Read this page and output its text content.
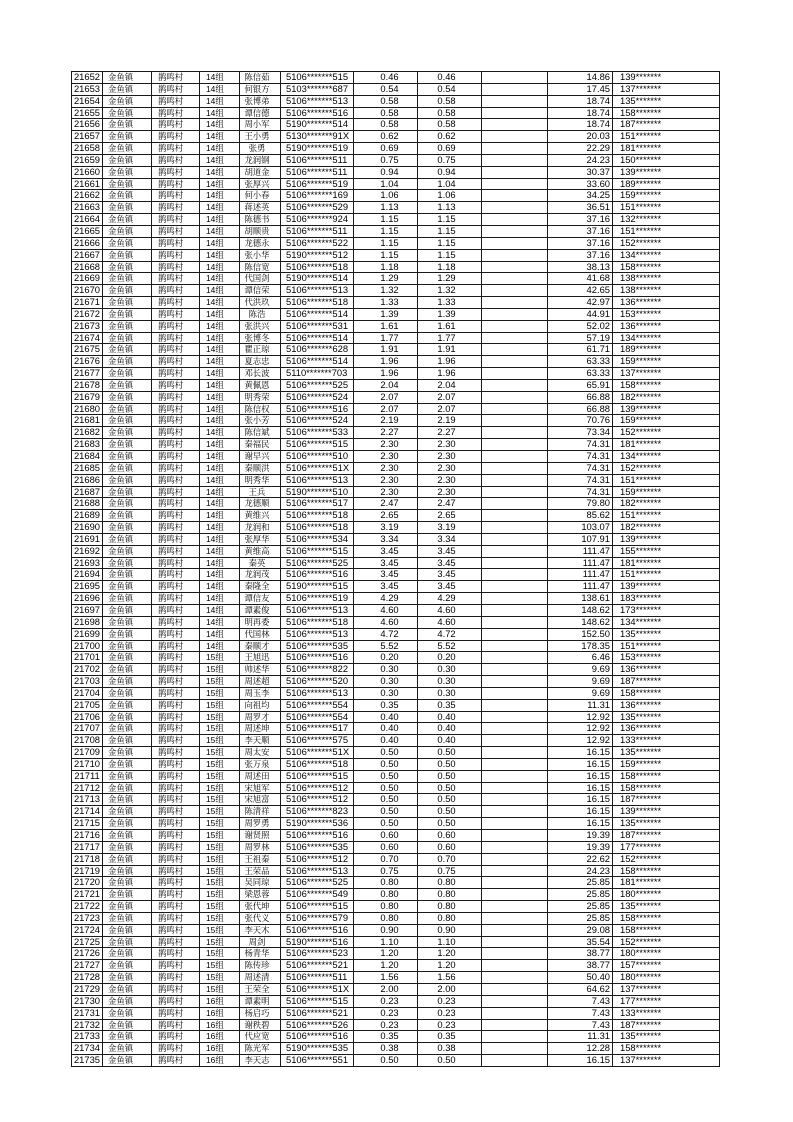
21652 金鱼镇	鹊鸣村	14组	陈信茹	5106*******515	0.46	0.46	14.86	139*******
21653 金鱼镇	鹊鸣村	14组	何银方	5103*******687	0.54	0.54	17.45	137*******
21654 金鱼镇	鹊鸣村	14组	张博弟	5106*******513	0.58	0.58	18.74	135*******
21655 金鱼镇	鹊鸣村	14组	谭信德	5106*******516	0.58	0.58	18.74	158*******
21656 金鱼镇	鹊鸣村	14组	周小军	5190*******514	0.58	0.58	18.74	187*******
21657 金鱼镇	鹊鸣村	14组	王小勇	5130*******91X	0.62	0.62	20.03	151*******
21658 金鱼镇	鹊鸣村	14组	张勇	5190*******519	0.69	0.69	22.29	181*******
21659 金鱼镇	鹊鸣村	14组	龙润钢	5106*******511	0.75	0.75	24.23	150*******
21660 金鱼镇	鹊鸣村	14组	胡道金	5106*******511	0.94	0.94	30.37	139*******
21661 金鱼镇	鹊鸣村	14组	张厚兴	5106*******519	1.04	1.04	33.60	189*******
21662 金鱼镇	鹊鸣村	14组	何小春	5106*******169	1.06	1.06	34.25	159*******
21663 金鱼镇	鹊鸣村	14组	蒋述英	5106*******529	1.13	1.13	36.51	151*******
21664 金鱼镇	鹊鸣村	14组	陈德书	5106*******924	1.15	1.15	37.16	132*******
21665 金鱼镇	鹊鸣村	14组	胡顺贵	5106*******511	1.15	1.15	37.16	151*******
21666 金鱼镇	鹊鸣村	14组	龙德永	5106*******522	1.15	1.15	37.16	152*******
21667 金鱼镇	鹊鸣村	14组	张小华	5190*******512	1.15	1.15	37.16	134*******
21668 金鱼镇	鹊鸣村	14组	陈信宽	5106*******518	1.18	1.18	38.13	158*******
21669 金鱼镇	鹊鸣村	14组	代国剑	5190*******514	1.29	1.29	41.68	138*******
21670 金鱼镇	鹊鸣村	14组	谭信荣	5106*******513	1.32	1.32	42.65	138*******
21671 金鱼镇	鹊鸣村	14组	代洪玖	5106*******518	1.33	1.33	42.97	136*******
21672 金鱼镇	鹊鸣村	14组	陈浩	5106*******514	1.39	1.39	44.91	153*******
21673 金鱼镇	鹊鸣村	14组	张洪兴	5106*******531	1.61	1.61	52.02	136*******
21674 金鱼镇	鹊鸣村	14组	张博冬	5106*******514	1.77	1.77	57.19	134*******
21675 金鱼镇	鹊鸣村	14组	瞿正琼	5106*******628	1.91	1.91	61.71	189*******
21676 金鱼镇	鹊鸣村	14组	夏志忠	5106*******514	1.96	1.96	63.33	159*******
21677 金鱼镇	鹊鸣村	14组	邓长波	5110*******703	1.96	1.96	63.33	137*******
21678 金鱼镇	鹊鸣村	14组	黄佩恩	5106*******525	2.04	2.04	65.91	158*******
21679 金鱼镇	鹊鸣村	14组	明秀荣	5106*******524	2.07	2.07	66.88	182*******
21680 金鱼镇	鹊鸣村	14组	陈信权	5106*******516	2.07	2.07	66.88	139*******
21681 金鱼镇	鹊鸣村	14组	张小芳	5106*******524	2.19	2.19	70.76	159*******
21682 金鱼镇	鹊鸣村	14组	陈信斌	5106*******533	2.27	2.27	73.34	152*******
21683 金鱼镇	鹊鸣村	14组	秦福民	5106*******515	2.30	2.30	74.31	181*******
21684 金鱼镇	鹊鸣村	14组	谢早兴	5106*******510	2.30	2.30	74.31	134*******
21685 金鱼镇	鹊鸣村	14组	秦顺洪	5106*******51X	2.30	2.30	74.31	152*******
21686 金鱼镇	鹊鸣村	14组	明秀华	5106*******513	2.30	2.30	74.31	151*******
21687 金鱼镇	鹊鸣村	14组	王兵	5190*******510	2.30	2.30	74.31	159*******
21688 金鱼镇	鹊鸣村	14组	龙德顺	5106*******517	2.47	2.47	79.80	182*******
21689 金鱼镇	鹊鸣村	14组	黄维兴	5106*******518	2.65	2.65	85.62	151*******
21690 金鱼镇	鹊鸣村	14组	龙润和	5106*******518	3.19	3.19	103.07	182*******
21691 金鱼镇	鹊鸣村	14组	张厚华	5106*******534	3.34	3.34	107.91	139*******
21692 金鱼镇	鹊鸣村	14组	黄维高	5106*******515	3.45	3.45	111.47	155*******
21693 金鱼镇	鹊鸣村	14组	秦英	5106*******525	3.45	3.45	111.47	181*******
21694 金鱼镇	鹊鸣村	14组	龙润茂	5106*******516	3.45	3.45	111.47	151*******
21695 金鱼镇	鹊鸣村	14组	秦隆全	5190*******515	3.45	3.45	111.47	139*******
21696 金鱼镇	鹊鸣村	14组	谭信友	5106*******519	4.29	4.29	138.61	183*******
21697 金鱼镇	鹊鸣村	14组	谭素俊	5106*******513	4.60	4.60	148.62	173*******
21698 金鱼镇	鹊鸣村	14组	明再委	5106*******518	4.60	4.60	148.62	134*******
21699 金鱼镇	鹊鸣村	14组	代国林	5106*******513	4.72	4.72	152.50	135*******
21700 金鱼镇	鹊鸣村	14组	秦顺才	5106*******535	5.52	5.52	178.35	151*******
21701 金鱼镇	鹊鸣村	15组	王旭迅	5106*******516	0.20	0.20	6.46	153*******
21702 金鱼镇	鹊鸣村	15组	帅述华	5106*******822	0.30	0.30	9.69	136*******
21703 金鱼镇	鹊鸣村	15组	周述超	5106*******520	0.30	0.30	9.69	187*******
21704 金鱼镇	鹊鸣村	15组	周玉李	5106*******513	0.30	0.30	9.69	158*******
21705 金鱼镇	鹊鸣村	15组	向祖均	5106*******554	0.35	0.35	11.31	136*******
21706 金鱼镇	鹊鸣村	15组	周罗才	5106*******554	0.40	0.40	12.92	135*******
21707 金鱼镇	鹊鸣村	15组	周述坤	5106*******517	0.40	0.40	12.92	136*******
21708 金鱼镇	鹊鸣村	15组	李天顺	5106*******575	0.40	0.40	12.92	133*******
21709 金鱼镇	鹊鸣村	15组	周太安	5106*******51X	0.50	0.50	16.15	135*******
21710 金鱼镇	鹊鸣村	15组	张万泉	5106*******518	0.50	0.50	16.15	159*******
21711 金鱼镇	鹊鸣村	15组	周述田	5106*******515	0.50	0.50	16.15	158*******
21712 金鱼镇	鹊鸣村	15组	宋旭军	5106*******512	0.50	0.50	16.15	158*******
21713 金鱼镇	鹊鸣村	15组	宋旭富	5106*******512	0.50	0.50	16.15	187*******
21714 金鱼镇	鹊鸣村	15组	陈清祥	5106*******823	0.50	0.50	16.15	139*******
21715 金鱼镇	鹊鸣村	15组	周罗勇	5190*******536	0.50	0.50	16.15	135*******
21716 金鱼镇	鹊鸣村	15组	谢贤照	5106*******516	0.60	0.60	19.39	187*******
21717 金鱼镇	鹊鸣村	15组	周罗林	5106*******535	0.60	0.60	19.39	177*******
21718 金鱼镇	鹊鸣村	15组	王祖秦	5106*******512	0.70	0.70	22.62	152*******
21719 金鱼镇	鹊鸣村	15组	王荣品	5106*******513	0.75	0.75	24.23	158*******
21720 金鱼镇	鹊鸣村	15组	吴同琼	5106*******525	0.80	0.80	25.85	181*******
21721 金鱼镇	鹊鸣村	15组	梁恩蓉	5106*******549	0.80	0.80	25.85	180*******
21722 金鱼镇	鹊鸣村	15组	张代坤	5106*******515	0.80	0.80	25.85	135*******
21723 金鱼镇	鹊鸣村	15组	张代义	5106*******579	0.80	0.80	25.85	158*******
21724 金鱼镇	鹊鸣村	15组	李天木	5106*******516	0.90	0.90	29.08	158*******
21725 金鱼镇	鹊鸣村	15组	周剑	5190*******516	1.10	1.10	35.54	152*******
21726 金鱼镇	鹊鸣村	15组	杨青华	5106*******523	1.20	1.20	38.77	180*******
21727 金鱼镇	鹊鸣村	15组	陈传珍	5106*******521	1.20	1.20	38.77	157*******
21728 金鱼镇	鹊鸣村	15组	周述清	5106*******511	1.56	1.56	50.40	180*******
21729 金鱼镇	鹊鸣村	15组	王荣全	5106*******51X	2.00	2.00	64.62	137*******
21730 金鱼镇	鹊鸣村	16组	谭素明	5106*******515	0.23	0.23	7.43	177*******
21731 金鱼镇	鹊鸣村	16组	杨启巧	5106*******521	0.23	0.23	7.43	133*******
21732 金鱼镇	鹊鸣村	16组	谢秩碧	5106*******526	0.23	0.23	7.43	187*******
21733 金鱼镇	鹊鸣村	16组	代应宽	5106*******516	0.35	0.35	11.31	135*******
21734 金鱼镇	鹊鸣村	16组	陈光军	5190*******535	0.38	0.38	12.28	158*******
21735 金鱼镇	鹊鸣村	16组	李天志	5106*******551	0.50	0.50	16.15	137*******
